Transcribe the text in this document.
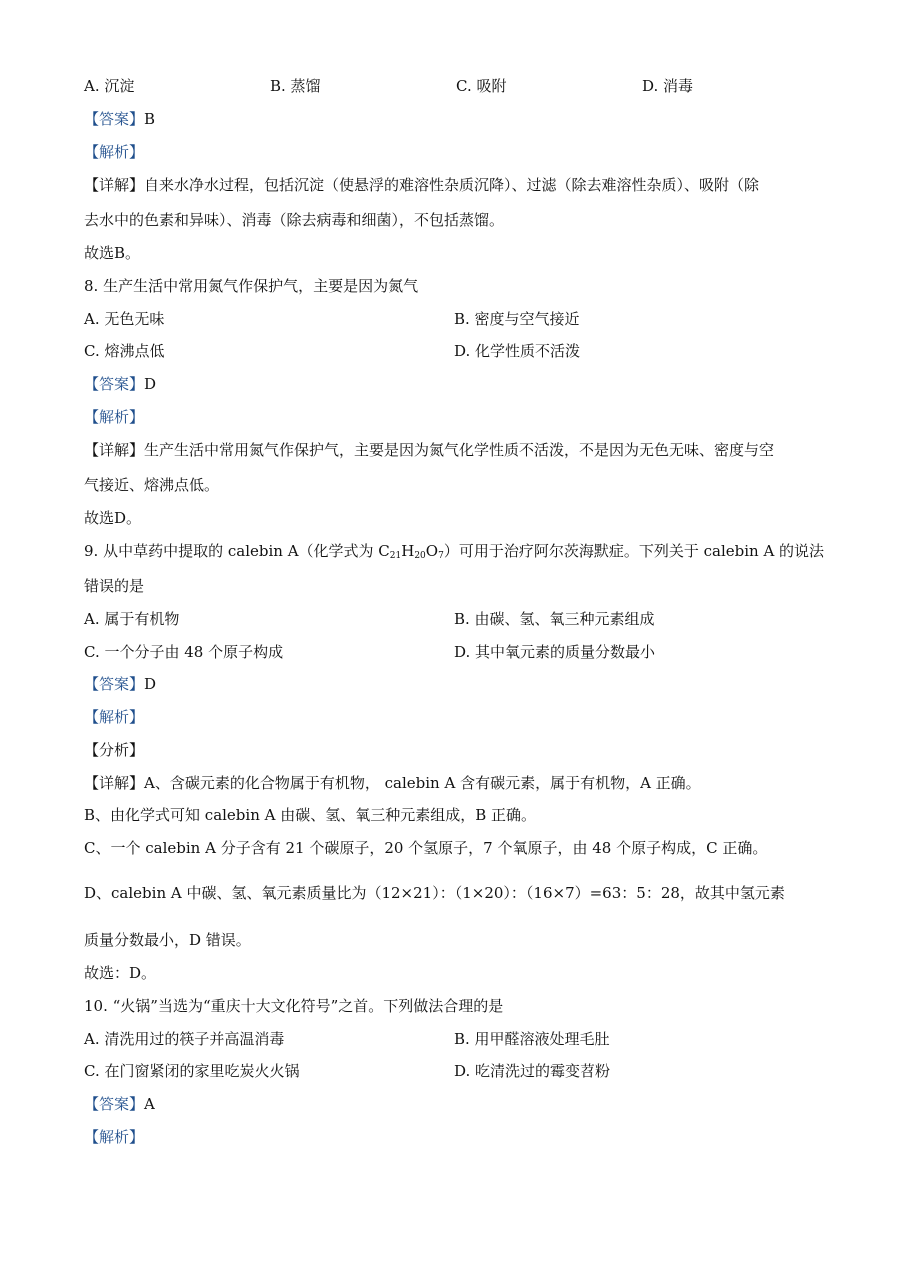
A. 沉淀	B. 蒸馏	C. 吸附	D. 消毒
【答案】B
【解析】
【详解】自来水净水过程，包括沉淀（使悬浮的难溶性杂质沉降）、过滤（除去难溶性杂质）、吸附（除
去水中的色素和异味）、消毒（除去病毒和细菌），不包括蒸馏。
故选B。
8. 生产生活中常用氮气作保护气，主要是因为氮气
A. 无色无味	B. 密度与空气接近
C. 熔沸点低	D. 化学性质不活泼
【答案】D
【解析】
【详解】生产生活中常用氮气作保护气，主要是因为氮气化学性质不活泼，不是因为无色无味、密度与空
气接近、熔沸点低。
故选D。
9. 从中草药中提取的 calebin A（化学式为 $C_{21}H_{20}O_7$）可用于治疗阿尔茨海默症。下列关于 calebin A 的说法
错误的是
A. 属于有机物	B. 由碳、氢、氧三种元素组成
C. 一个分子由 48 个原子构成	D. 其中氧元素的质量分数最小
【答案】D
【解析】
【分析】
【详解】A、含碳元素的化合物属于有机物， calebin A 含有碳元素，属于有机物，A 正确。
B、由化学式可知 calebin A 由碳、氢、氧三种元素组成，B 正确。
C、一个 calebin A 分子含有 21 个碳原子，20 个氢原子，7 个氧原子，由 48 个原子构成，C 正确。
D、calebin A 中碳、氢、氧元素质量比为（12×21）：（1×20）：（16×7）=63：5：28，故其中氢元素
质量分数最小，D 错误。
故选：D。
10. “火锅”当选为“重庆十大文化符号”之首。下列做法合理的是
A. 清洗用过的筷子并高温消毒	B. 用甲醛溶液处理毛肚
C. 在门窗紧闭的家里吃炭火火锅	D. 吃清洗过的霉变苕粉
【答案】A
【解析】
